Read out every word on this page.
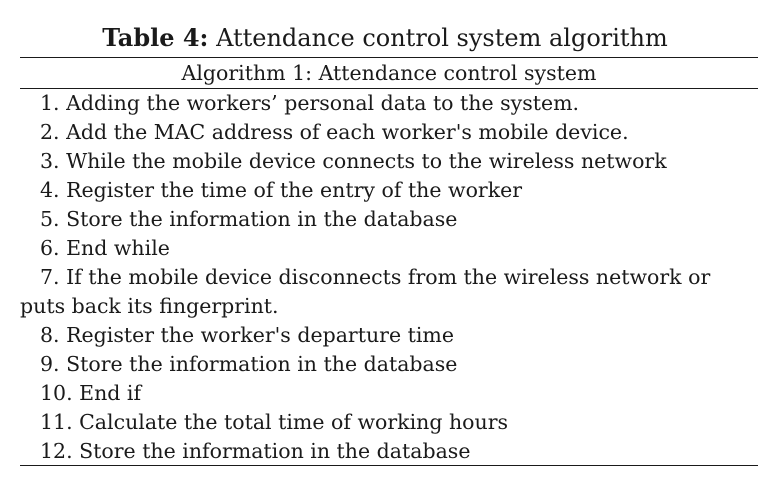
Table 4: Attendance control system algorithm
Algorithm 1: Attendance control system
1. Adding the workers’ personal data to the system.
2. Add the MAC address of each worker's mobile device.
3. While the mobile device connects to the wireless network
4. Register the time of the entry of the worker
5. Store the information in the database
6. End while
7. If the mobile device disconnects from the wireless network or
puts back its fingerprint.
8. Register the worker's departure time
9. Store the information in the database
10. End if
11. Calculate the total time of working hours
12. Store the information in the database
